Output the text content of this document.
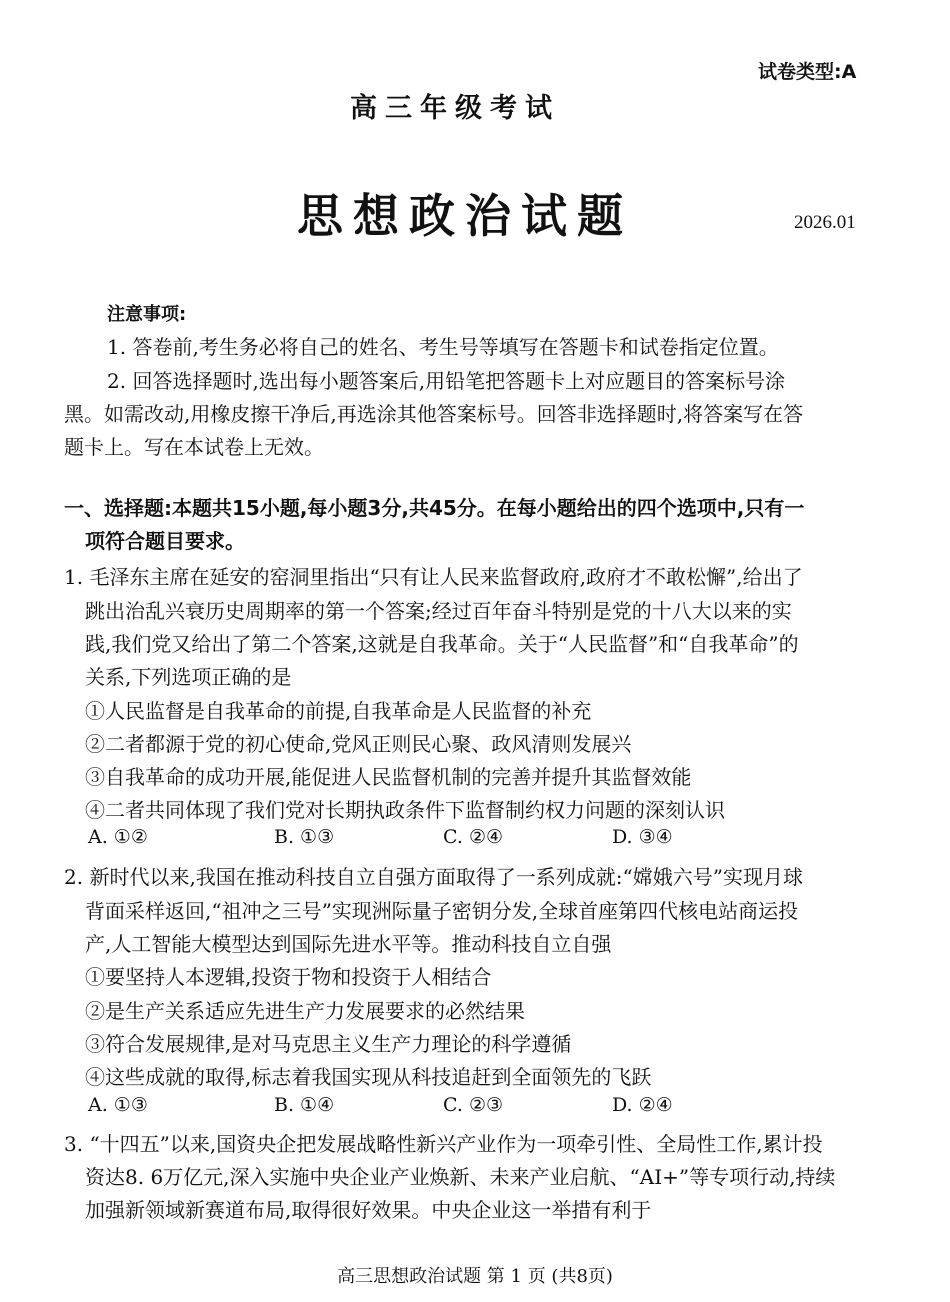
试卷类型:A
高三年级考试
思想政治试题	2026.01
注意事项:
1. 答卷前,考生务必将自己的姓名、考生号等填写在答题卡和试卷指定位置。
2. 回答选择题时,选出每小题答案后,用铅笔把答题卡上对应题目的答案标号涂
黑。如需改动,用橡皮擦干净后,再选涂其他答案标号。回答非选择题时,将答案写在答
题卡上。写在本试卷上无效。
一、选择题:本题共15小题,每小题3分,共45分。在每小题给出的四个选项中,只有一
项符合题目要求。
1. 毛泽东主席在延安的窑洞里指出“只有让人民来监督政府,政府才不敢松懈”,给出了
跳出治乱兴衰历史周期率的第一个答案;经过百年奋斗特别是党的十八大以来的实
践,我们党又给出了第二个答案,这就是自我革命。关于“人民监督”和“自我革命”的
关系,下列选项正确的是
①人民监督是自我革命的前提,自我革命是人民监督的补充
②二者都源于党的初心使命,党风正则民心聚、政风清则发展兴
③自我革命的成功开展,能促进人民监督机制的完善并提升其监督效能
④二者共同体现了我们党对长期执政条件下监督制约权力问题的深刻认识
A. ①②	B. ①③	C. ②④	D. ③④
2. 新时代以来,我国在推动科技自立自强方面取得了一系列成就:“嫦娥六号”实现月球
背面采样返回,“祖冲之三号”实现洲际量子密钥分发,全球首座第四代核电站商运投
产,人工智能大模型达到国际先进水平等。推动科技自立自强
①要坚持人本逻辑,投资于物和投资于人相结合
②是生产关系适应先进生产力发展要求的必然结果
③符合发展规律,是对马克思主义生产力理论的科学遵循
④这些成就的取得,标志着我国实现从科技追赶到全面领先的飞跃
A. ①③	B. ①④	C. ②③	D. ②④
3. “十四五”以来,国资央企把发展战略性新兴产业作为一项牵引性、全局性工作,累计投
资达8. 6万亿元,深入实施中央企业产业焕新、未来产业启航、“AI+”等专项行动,持续
加强新领域新赛道布局,取得很好效果。中央企业这一举措有利于
高三思想政治试题 第 1 页 (共8页)
